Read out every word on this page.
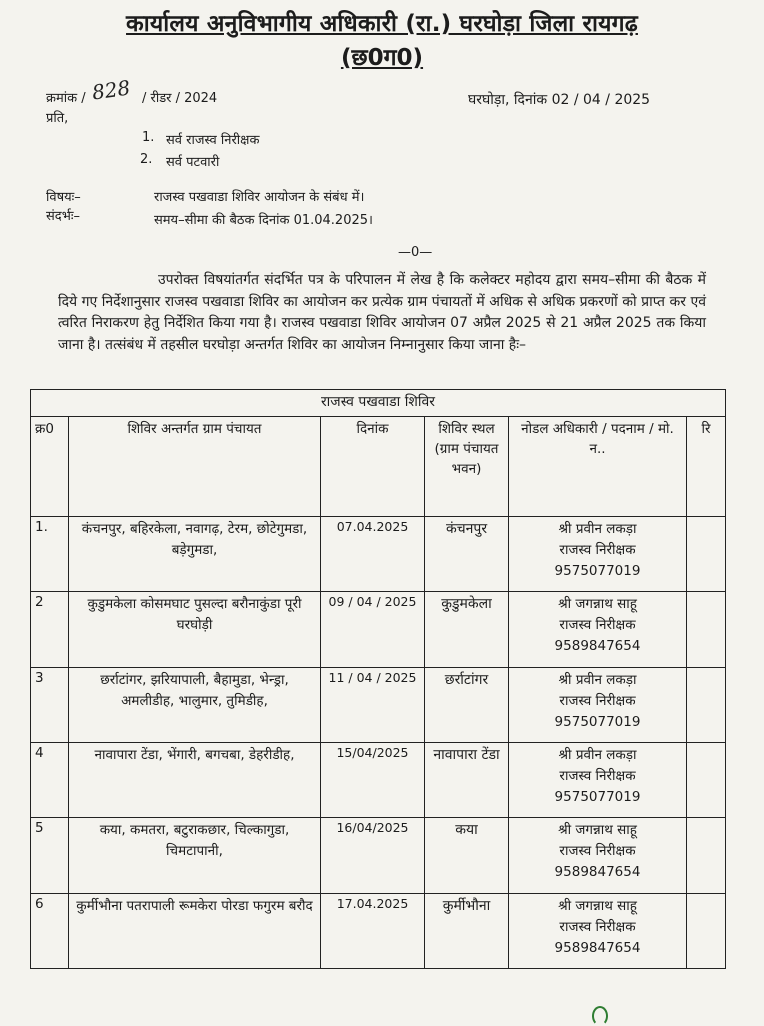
कार्यालय अनुविभागीय अधिकारी (रा.) घरघोड़ा जिला रायगढ़
(छ0ग0)
क्रमांक / 828 / रीडर / 2024	घरघोड़ा, दिनांक 02 / 04 / 2025
प्रति,
1. सर्व राजस्व निरीक्षक
2. सर्व पटवारी
विषयः–	राजस्व पखवाडा शिविर आयोजन के संबंध में।
संदर्भः–	समय–सीमा की बैठक दिनांक 01.04.2025।
—0—
उपरोक्त विषयांतर्गत संदर्भित पत्र के परिपालन में लेख है कि कलेक्टर महोदय द्वारा समय–सीमा की बैठक में दिये गए निर्देशानुसार राजस्व पखवाडा शिविर का आयोजन कर प्रत्येक ग्राम पंचायतों में अधिक से अधिक प्रकरणों को प्राप्त कर एवं त्वरित निराकरण हेतु निर्देशित किया गया है। राजस्व पखवाडा शिविर आयोजन 07 अप्रैल 2025 से 21 अप्रैल 2025 तक किया जाना है। तत्संबंध में तहसील घरघोड़ा अन्तर्गत शिविर का आयोजन निम्नानुसार किया जाना हैः–
राजस्व पखवाडा शिविर					
क्र0	शिविर अन्तर्गत ग्राम पंचायत	दिनांक	शिविर स्थल (ग्राम पंचायत भवन)	नोडल अधिकारी / पदनाम / मो. न..	रि
1.	कंचनपुर, बहिरकेला, नवागढ़, टेरम, छोटेगुमडा, बड़ेगुमडा,	07.04.2025	कंचनपुर	श्री प्रवीन लकड़ा
राजस्व निरीक्षक
9575077019	

2	कुडुमकेला कोसमघाट पुसल्दा बरौनाकुंडा पूरी घरघोड़ी	09 / 04 / 2025	कुडुमकेला	श्री जगन्नाथ साहू
राजस्व निरीक्षक
9589847654	

3	छर्राटांगर, झरियापाली, बैहामुडा, भेन्ड्रा, अमलीडीह, भालुमार, तुमिडीह,	11 / 04 / 2025	छर्राटांगर	श्री प्रवीन लकड़ा
राजस्व निरीक्षक
9575077019	

4	नावापारा टेंडा, भेंगारी, बगचबा, डेहरीडीह,	15/04/2025	नावापारा टेंडा	श्री प्रवीन लकड़ा
राजस्व निरीक्षक
9575077019	

5	कया, कमतरा, बटुराकछार, चिल्कागुडा, चिमटापानी,	16/04/2025	कया	श्री जगन्नाथ साहू
राजस्व निरीक्षक
9589847654	

6	कुर्मीभौना पतरापाली रूमकेरा पोरडा फगुरम बरौद	17.04.2025	कुर्मीभौना	श्री जगन्नाथ साहू
राजस्व निरीक्षक
9589847654	
